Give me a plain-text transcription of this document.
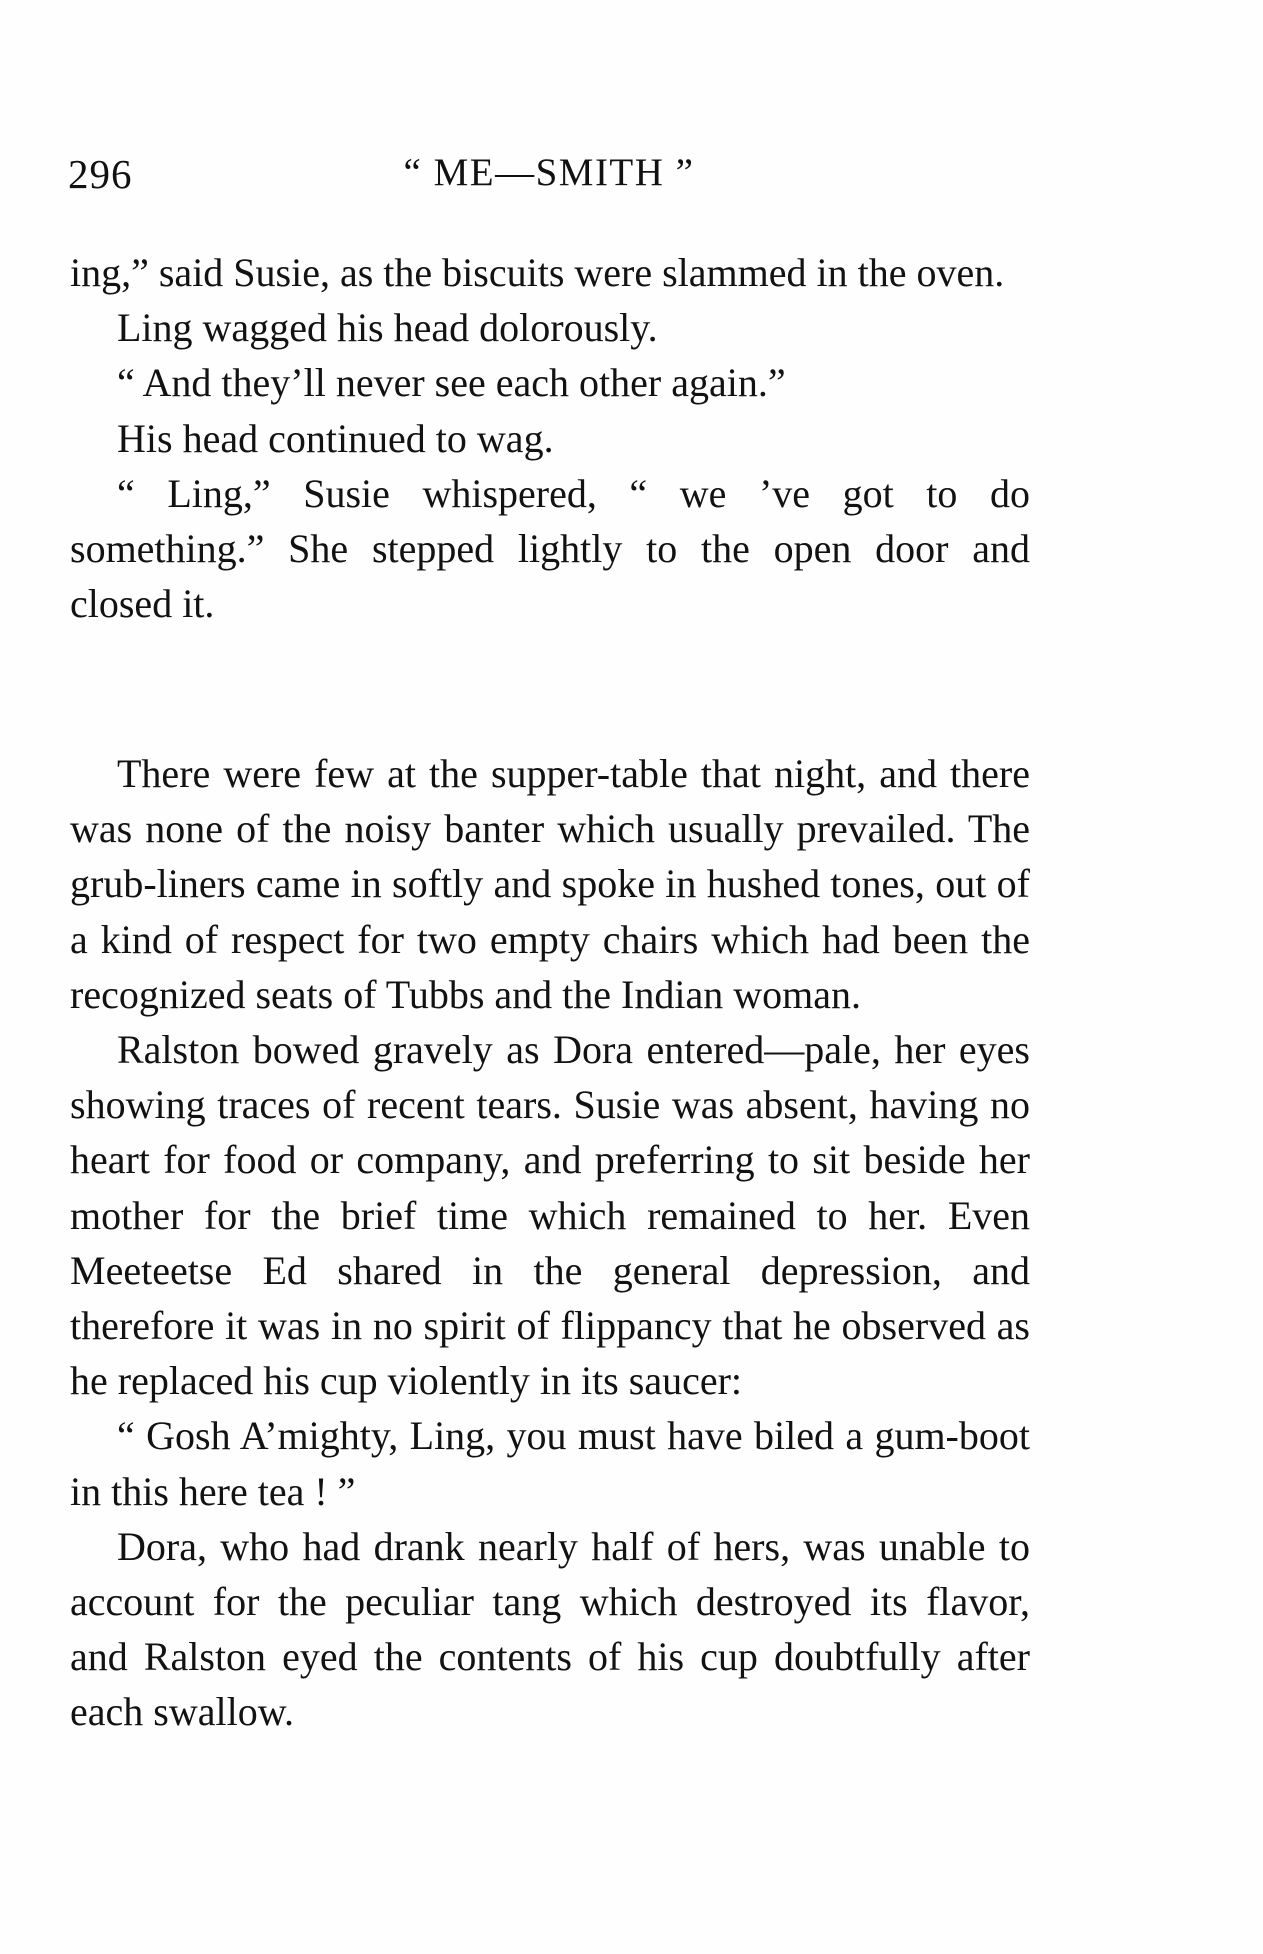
296	“ ME—SMITH ”

ing,” said Susie, as the biscuits were slammed in the oven.

Ling wagged his head dolorously.

“ And they’ll never see each other again.”

His head continued to wag.

“ Ling,” Susie whispered, “ we ’ve got to do something.” She stepped lightly to the open door and closed it.

There were few at the supper-table that night, and there was none of the noisy banter which usually prevailed. The grub-liners came in softly and spoke in hushed tones, out of a kind of respect for two empty chairs which had been the recognized seats of Tubbs and the Indian woman.

Ralston bowed gravely as Dora entered—pale, her eyes showing traces of recent tears. Susie was absent, having no heart for food or company, and preferring to sit beside her mother for the brief time which remained to her. Even Meeteetse Ed shared in the general depression, and therefore it was in no spirit of flippancy that he observed as he replaced his cup violently in its saucer:

“ Gosh A’mighty, Ling, you must have biled a gum-boot in this here tea ! ”

Dora, who had drank nearly half of hers, was unable to account for the peculiar tang which destroyed its flavor, and Ralston eyed the contents of his cup doubtfully after each swallow.
